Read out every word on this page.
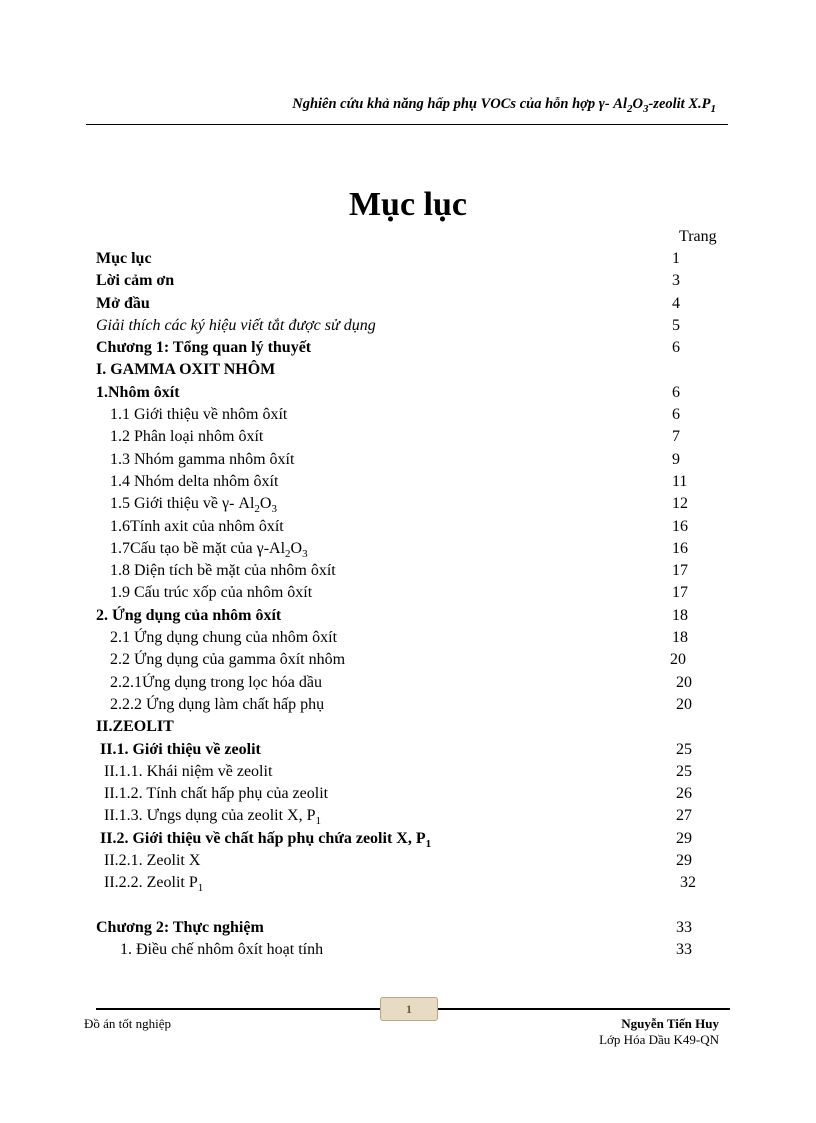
Nghiên cứu khả năng hấp phụ VOCs của hỗn hợp γ- $Al_2O_3$-zeolit $X.P_1$
Mục lục
Trang
Mục lục	1
Lời cảm ơn	3
Mở đầu	4
Giải thích các ký hiệu viết tắt được sử dụng	5
Chương 1: Tổng quan lý thuyết	6
I. GAMMA OXIT NHÔM
1.Nhôm ôxít	6
1.1 Giới thiệu về nhôm ôxít	6
1.2 Phân loại nhôm ôxít	7
1.3 Nhóm gamma nhôm ôxít	9
1.4 Nhóm delta nhôm ôxít	11
1.5 Giới thiệu về γ- $Al_2O_3$	12
1.6Tính axit của nhôm ôxít	16
1.7Cấu tạo bề mặt của $\gamma-Al_2O_3$	16
1.8 Diện tích bề mặt của nhôm ôxít	17
1.9 Cấu trúc xốp của nhôm ôxít	17
2. Ứng dụng của nhôm ôxít	18
2.1 Ứng dụng chung của nhôm ôxít	18
2.2 Ứng dụng của gamma ôxít nhôm	20
2.2.1Ứng dụng trong lọc hóa dầu	20
2.2.2 Ứng dụng làm chất hấp phụ	20
II.ZEOLIT
II.1. Giới thiệu về zeolit	25
II.1.1. Khái niệm về zeolit	25
II.1.2. Tính chất hấp phụ của zeolit	26
II.1.3. Ưngs dụng của zeolit X, $P_1$	27
II.2. Giới thiệu về chất hấp phụ chứa zeolit X, $P_1$	29
II.2.1. Zeolit X	29
II.2.2. Zeolit $P_1$	32
Chương 2: Thực nghiệm	33
1. Điều chế nhôm ôxít hoạt tính	33
1
Đồ án tốt nghiệp	Nguyễn Tiến Huy
Lớp Hóa Dầu K49-QN
